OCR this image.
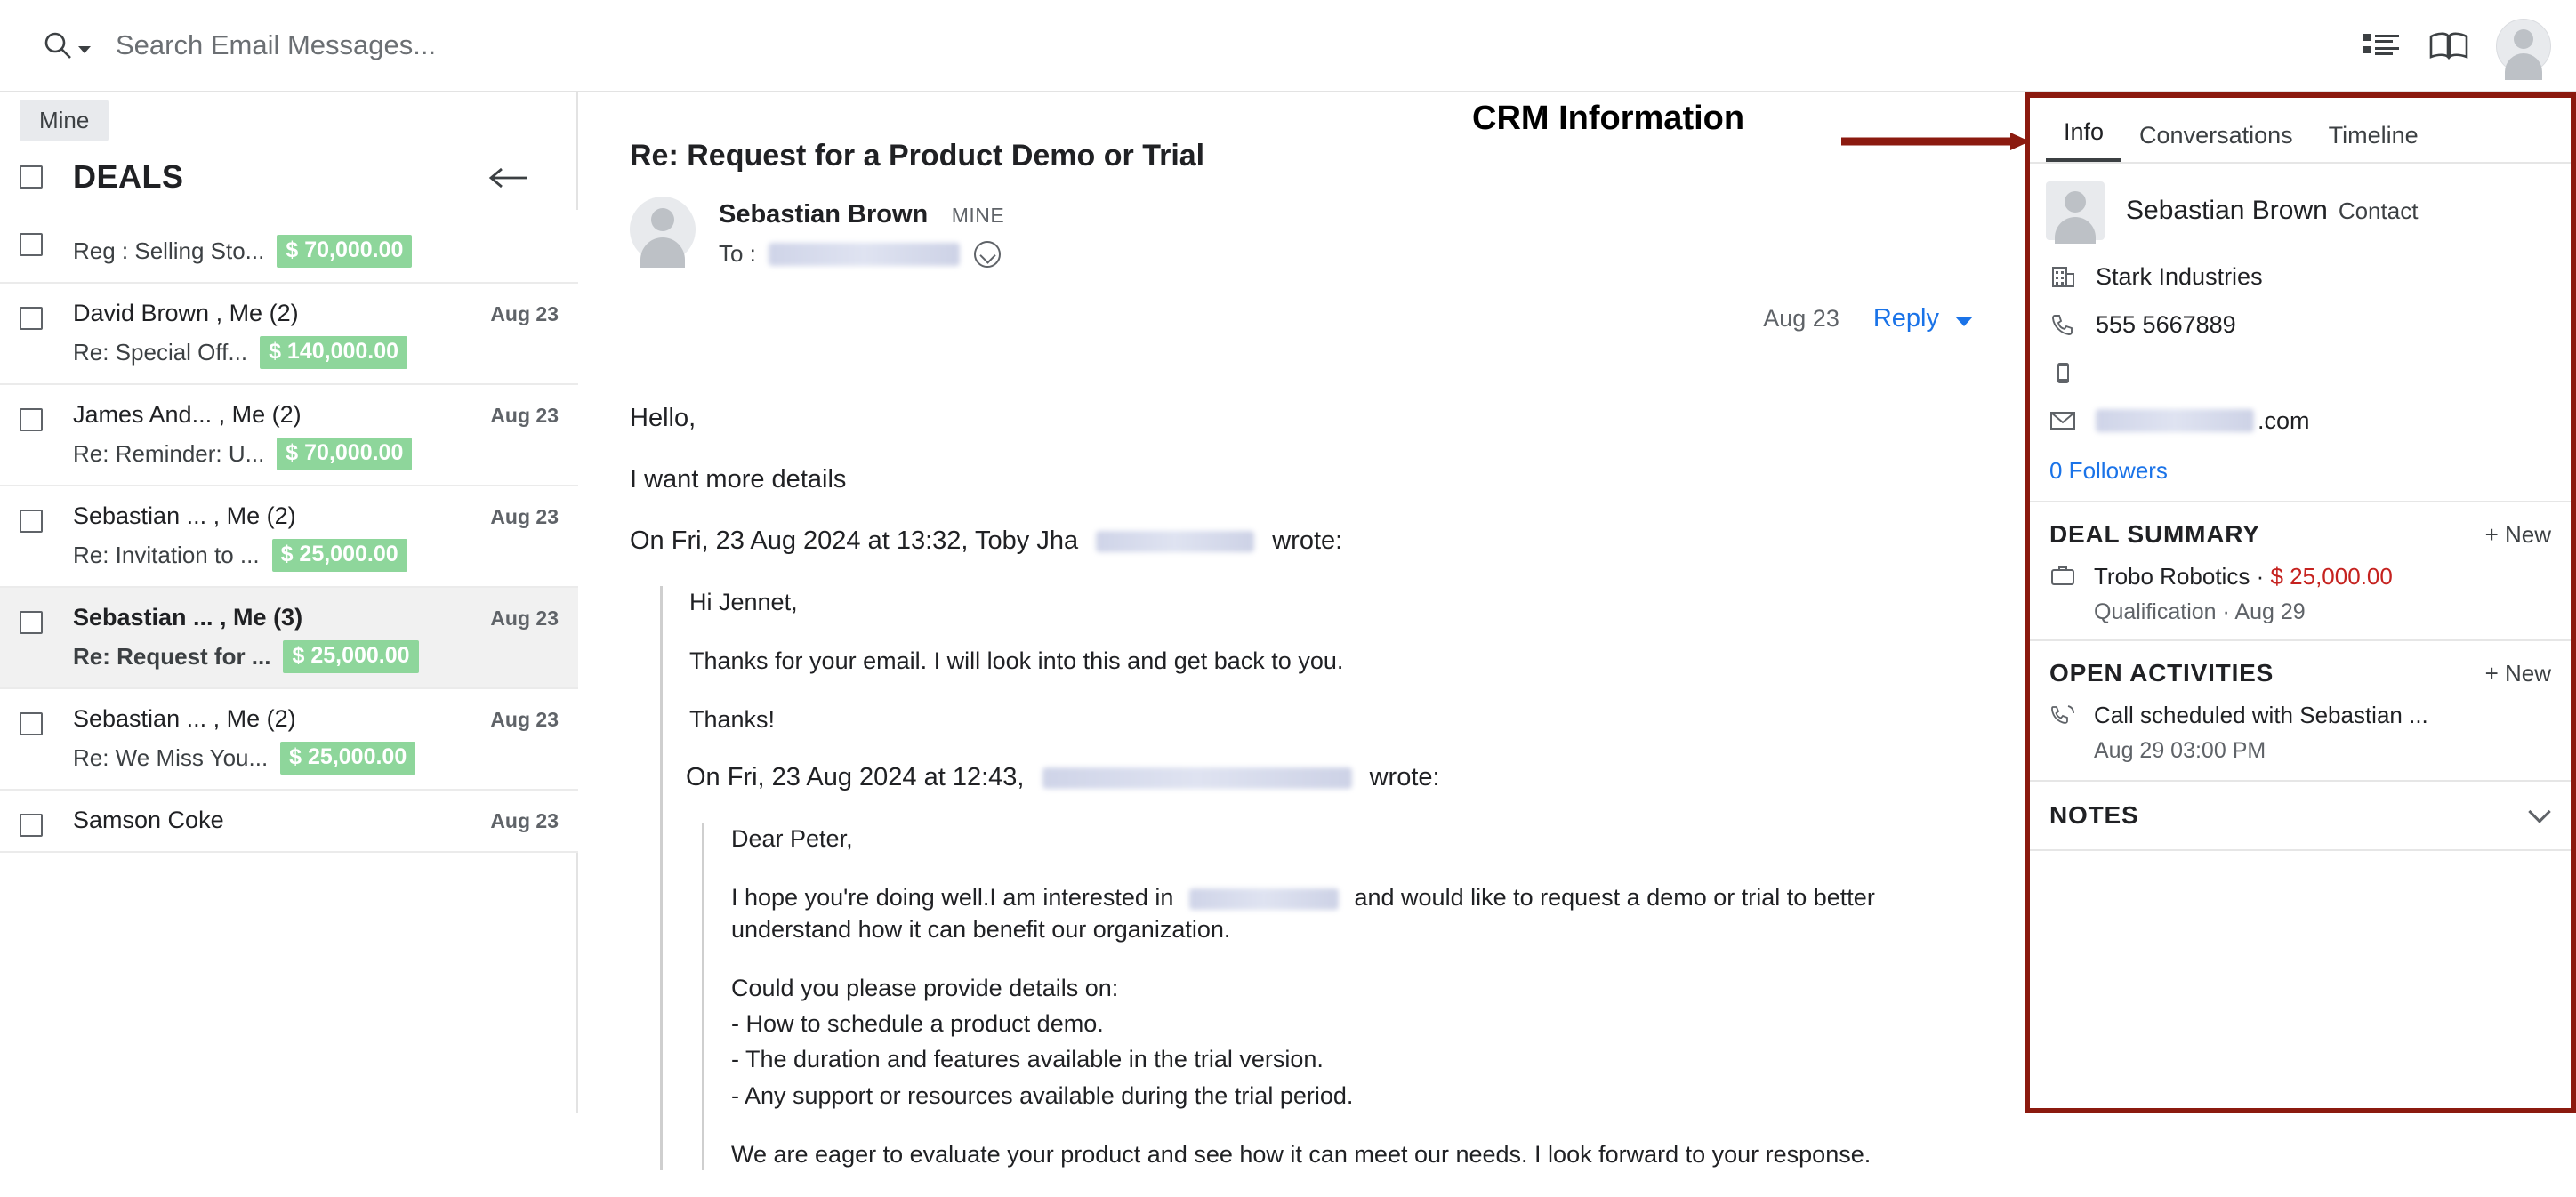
Search Email Messages...
Mine
DEALS
Reg : Selling Sto... $ 70,000.00
David Brown , Me (2)	Aug 23
Re: Special Off... $ 140,000.00
James And... , Me (2)	Aug 23
Re: Reminder: U... $ 70,000.00
Sebastian ... , Me (2)	Aug 23
Re: Invitation to ... $ 25,000.00
Sebastian ... , Me (3)	Aug 23
Re: Request for ... $ 25,000.00
Sebastian ... , Me (2)	Aug 23
Re: We Miss You... $ 25,000.00
Samson Coke	Aug 23
Re: Request for a Product Demo or Trial
Sebastian Brown MINE
To :
Aug 23 Reply

Hello,

I want more details

On Fri, 23 Aug 2024 at 13:32, Toby Jha	wrote:

Hi Jennet,

Thanks for your email. I will look into this and get back to you.

Thanks!

On Fri, 23 Aug 2024 at 12:43,	wrote:

Dear Peter,

I hope you're doing well.I am interested in	and would like to request a demo or trial to better understand how it can benefit our organization.

Could you please provide details on:

- How to schedule a product demo.

- The duration and features available in the trial version.

- Any support or resources available during the trial period.

We are eager to evaluate your product and see how it can meet our needs. I look forward to your response.

CRM Information	Info	Conversations	Timeline
Sebastian Brown Contact
Stark Industries
555 5667889
.com
0 Followers
DEAL SUMMARY	+ New
Trobo Robotics · $ 25,000.00
Qualification · Aug 29
OPEN ACTIVITIES	+ New
Call scheduled with Sebastian ...
Aug 29 03:00 PM
NOTES
